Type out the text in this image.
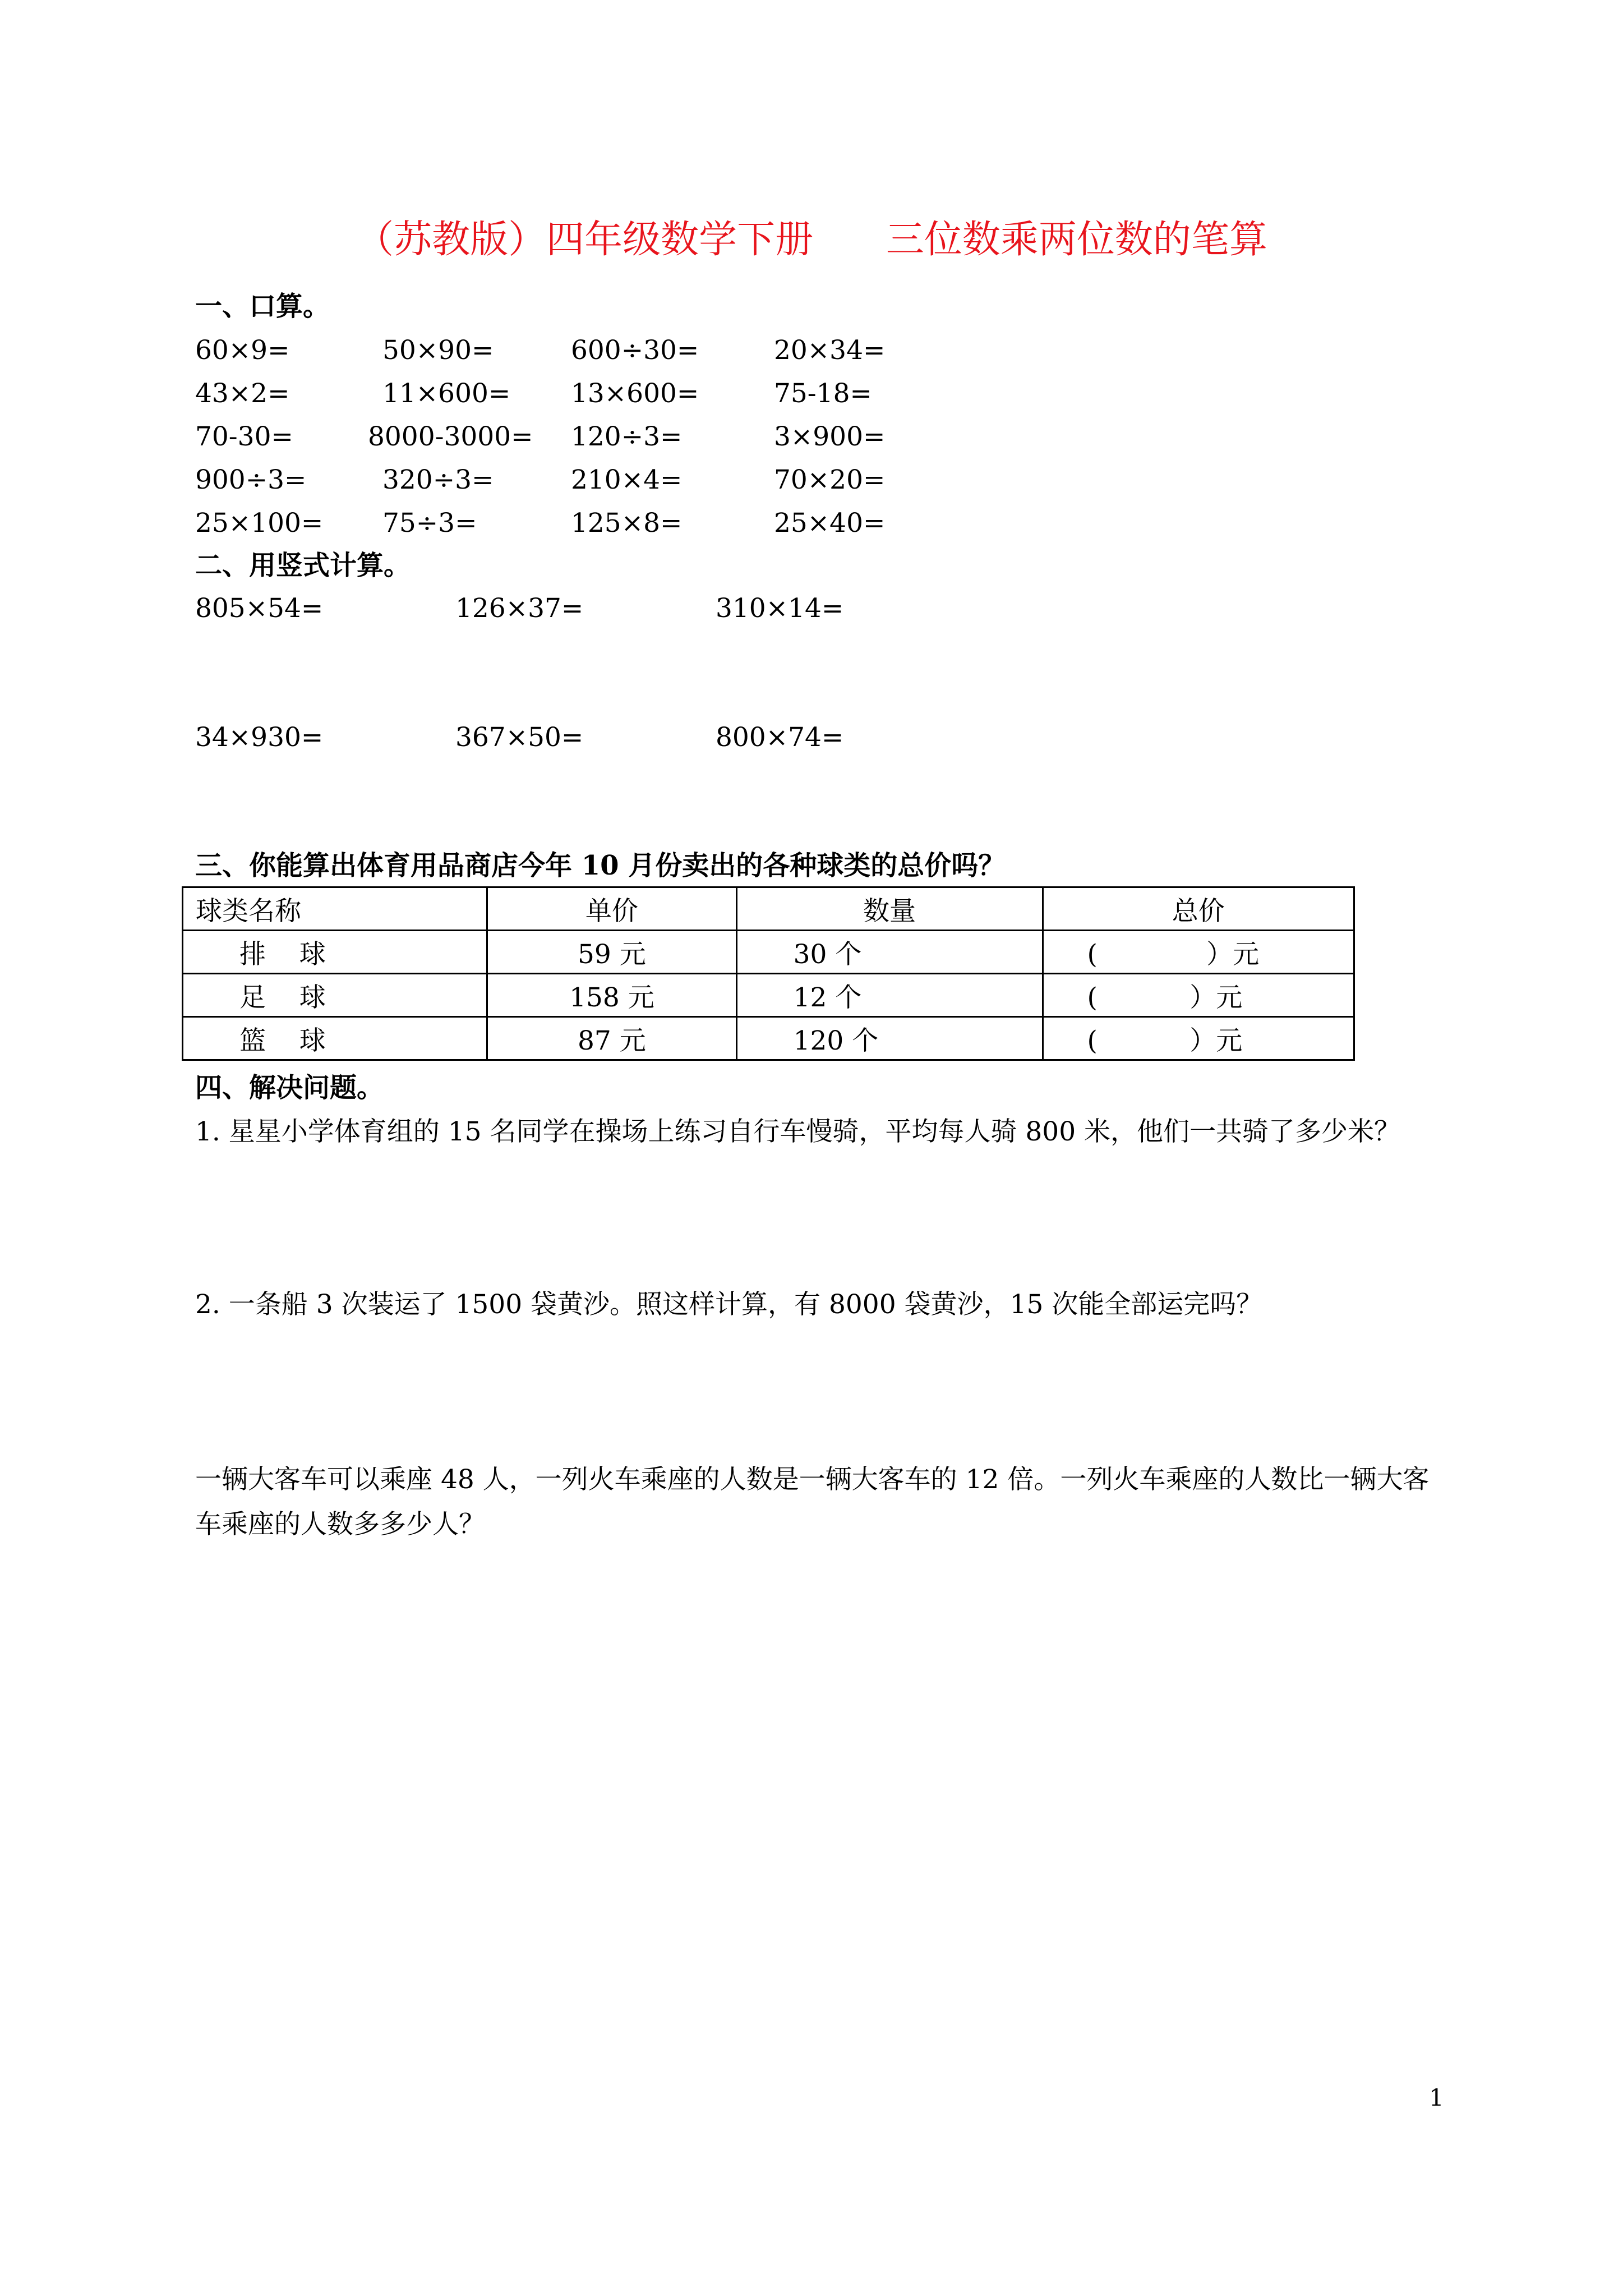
（苏教版）四年级数学下册      三位数乘两位数的笔算
一、口算。
60×9=	50×90=	600÷30=	20×34=
43×2=	11×600= 13×600=	75-18=
70-30=	8000-3000= 120÷3=	3×900=
900÷3=	320÷3=	210×4=	70×20=
25×100= 75÷3=	125×8=	25×40=
二、用竖式计算。
805×54=	126×37=	310×14=
34×930=	367×50=	800×74=
三、你能算出体育用品商店今年 10 月份卖出的各种球类的总价吗？
球类名称	单价	数量	总价
排    球	59 元	30 个	(             ）元
足    球	158 元	12 个	(           ）元
篮    球	87 元	120 个	(           ）元
四、解决问题。
1. 星星小学体育组的 15 名同学在操场上练习自行车慢骑，平均每人骑 800 米，他们一共骑了多少米？
2. 一条船 3 次装运了 1500 袋黄沙。照这样计算，有 8000 袋黄沙，15 次能全部运完吗？
一辆大客车可以乘座 48 人，一列火车乘座的人数是一辆大客车的 12 倍。一列火车乘座的人数比一辆大客车乘座的人数多多少人？
1
